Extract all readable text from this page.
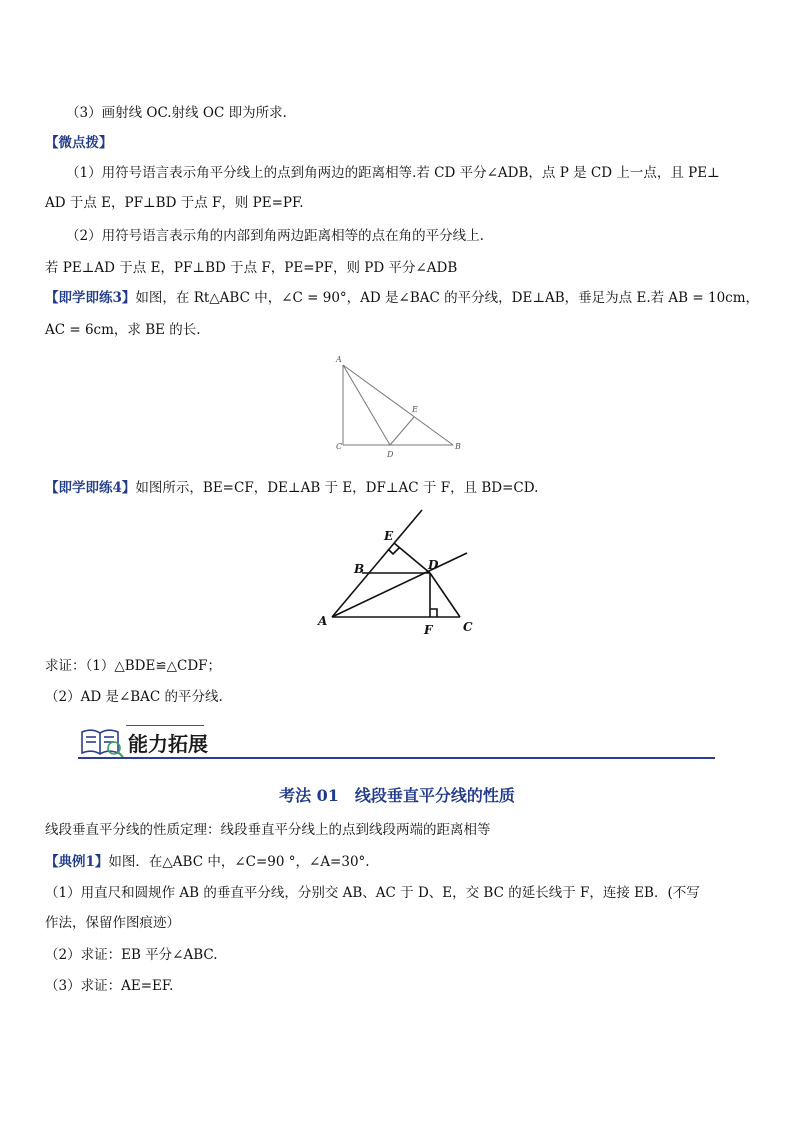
（3）画射线 OC.射线 OC 即为所求.
【微点拨】
（1）用符号语言表示角平分线上的点到角两边的距离相等.若 CD 平分∠ADB，点 P 是 CD 上一点，且 PE⊥
AD 于点 E，PF⊥BD 于点 F，则 PE=PF.
（2）用符号语言表示角的内部到角两边距离相等的点在角的平分线上.
若 PE⊥AD 于点 E，PF⊥BD 于点 F，PE=PF，则 PD 平分∠ADB
【即学即练3】如图，在 Rt△ABC 中，∠C = 90°，AD 是∠BAC 的平分线，DE⊥AB，垂足为点 E.若 AB = 10cm，
AC = 6cm，求 BE 的长.
A
C
D
E
B
【即学即练4】如图所示，BE=CF，DE⊥AB 于 E，DF⊥AC 于 F，且 BD=CD.
E
D
B
A
F	C
求证：（1）△BDE≌△CDF；
（2）AD 是∠BAC 的平分线.
能力拓展
考法 01　线段垂直平分线的性质
线段垂直平分线的性质定理：线段垂直平分线上的点到线段两端的距离相等
【典例1】如图．在△ABC 中，∠C=90 °，∠A=30°.
（1）用直尺和圆规作 AB 的垂直平分线，分别交 AB、AC 于 D、E，交 BC 的延长线于 F，连接 EB．(不写
作法，保留作图痕迹）
（2）求证：EB 平分∠ABC.
（3）求证：AE=EF.
